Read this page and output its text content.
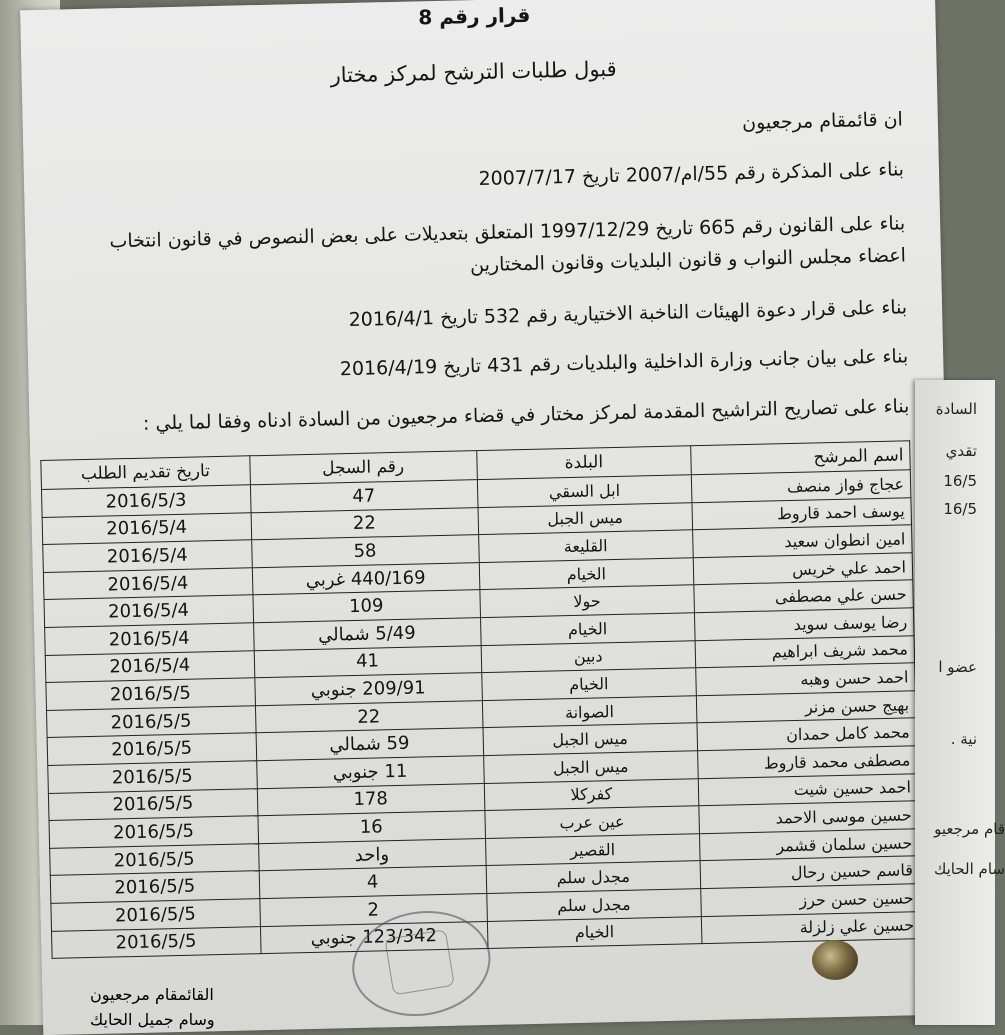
قرار رقم 8
قبول طلبات الترشح لمركز مختار
ان قائمقام مرجعيون
بناء على المذكرة رقم 55/ام/2007 تاريخ 2007/7/17
بناء على القانون رقم 665 تاريخ 1997/12/29 المتعلق بتعديلات على بعض النصوص في قانون انتخاب
اعضاء مجلس النواب و قانون البلديات وقانون المختارين
بناء على قرار دعوة الهيئات الناخبة الاختيارية رقم 532 تاريخ 2016/4/1
بناء على بيان جانب وزارة الداخلية والبلديات رقم 431 تاريخ 2016/4/19
بناء على تصاريح التراشيح المقدمة لمركز مختار في قضاء مرجعيون من السادة ادناه وفقا لما يلي :
اسم المرشح	البلدة	رقم السجل	تاريخ تقديم الطلب
عجاج فواز منصف	ابل السقي	47	2016/5/3
يوسف احمد قاروط	ميس الجبل	22	2016/5/4
امين انطوان سعيد	القليعة	58	2016/5/4
احمد علي خريس	الخيام	440/169 غربي	2016/5/4
حسن علي مصطفى	حولا	109	2016/5/4
رضا يوسف سويد	الخيام	5/49 شمالي	2016/5/4
محمد شريف ابراهيم	دبين	41	2016/5/4
احمد حسن وهبه	الخيام	209/91 جنوبي	2016/5/5
بهيج حسن مزنر	الصوانة	22	2016/5/5
محمد كامل حمدان	ميس الجبل	59 شمالي	2016/5/5
مصطفى محمد قاروط	ميس الجبل	11 جنوبي	2016/5/5
احمد حسين شيت	كفركلا	178	2016/5/5
حسين موسى الاحمد	عين عرب	16	2016/5/5
حسين سلمان قشمر	القصير	واحد	2016/5/5
قاسم حسين رحال	مجدل سلم	4	2016/5/5
حسين حسن حرز	مجدل سلم	2	2016/5/5
حسين علي زلزلة	الخيام	123/342 جنوبي	2016/5/5
السادة
تقدي
16/5
16/5
عضو ا
نية .
قام مرجعيو
سام الحايك
القائمقام مرجعيون
وسام جميل الحايك
